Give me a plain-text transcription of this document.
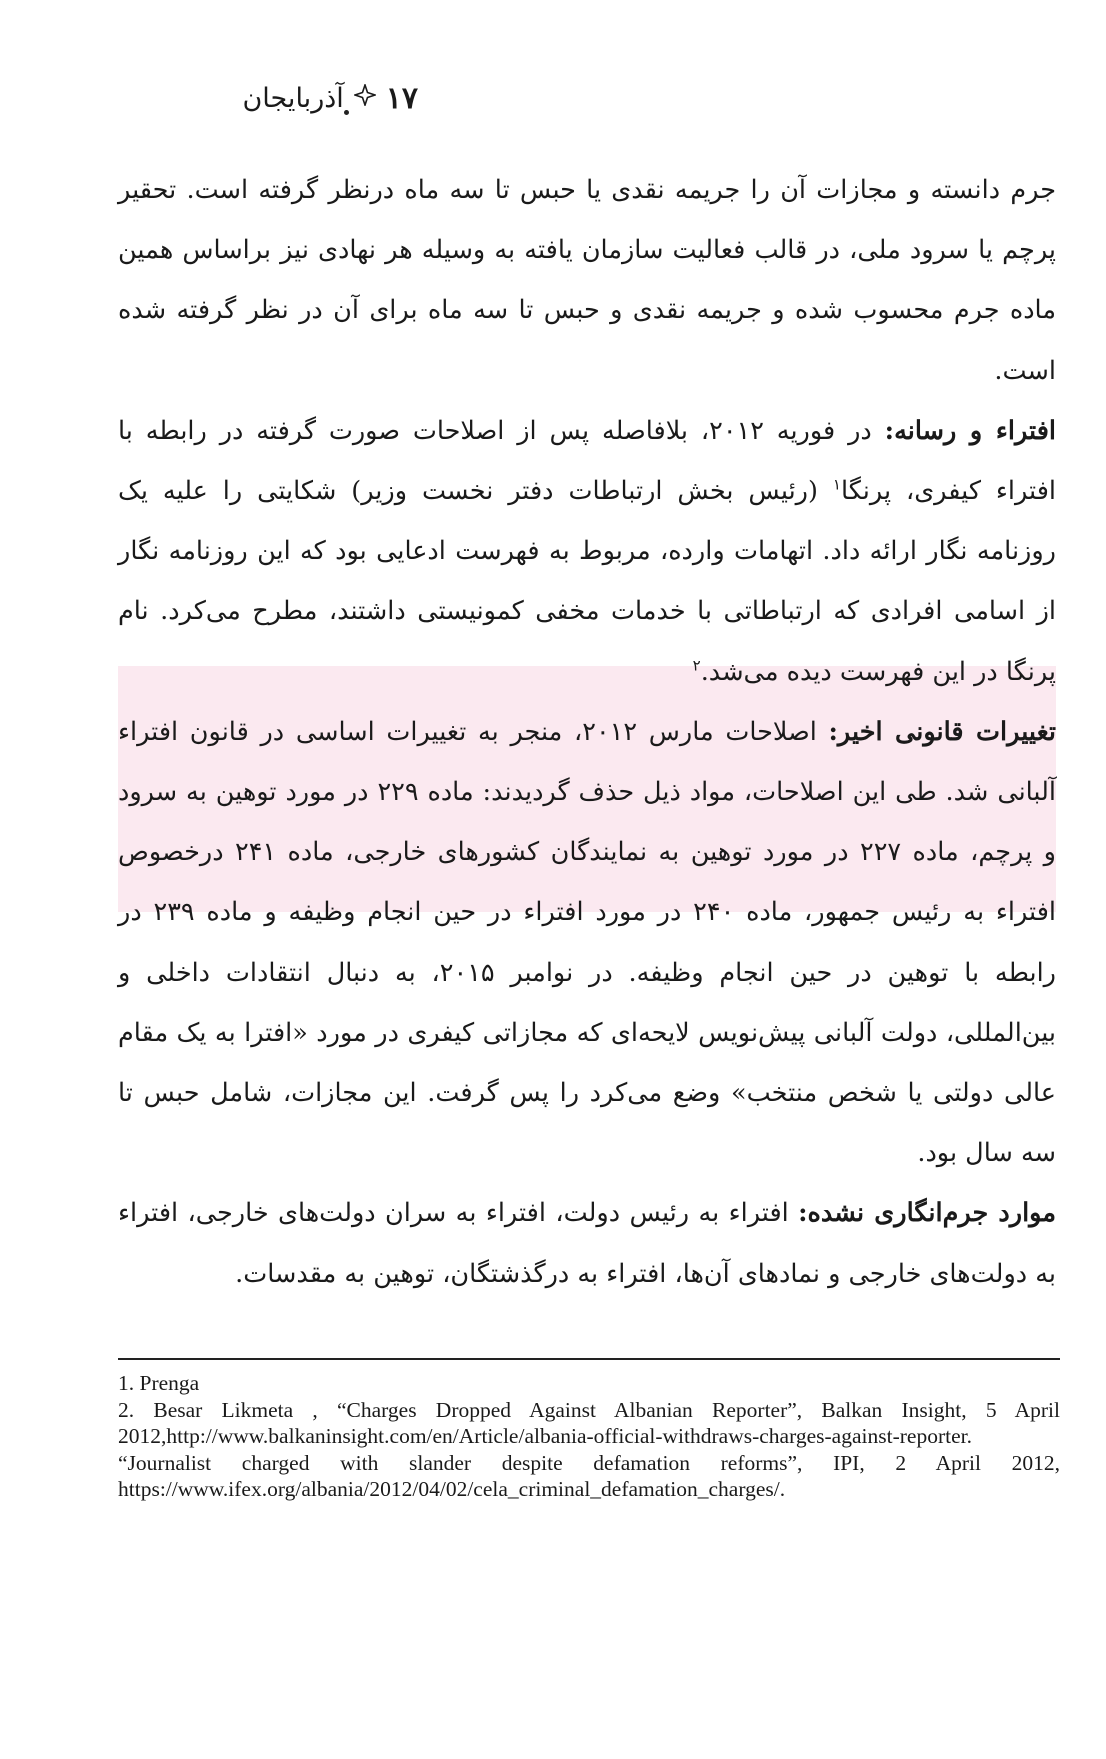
۱۷
آذربایجان

جرم دانسته و مجازات آن را جریمه نقدی یا حبس تا سه ماه درنظر گرفته است. تحقیر پرچم یا سرود ملی، در قالب فعالیت سازمان یافته به وسیله هر نهادی نیز براساس همین ماده جرم محسوب شده و جریمه نقدی و حبس تا سه ماه برای آن در نظر گرفته شده است.

افتراء و رسانه: در فوریه ۲۰۱۲، بلافاصله پس از اصلاحات صورت گرفته در رابطه با افتراء کیفری، پرنگا$^۱$ (رئیس بخش ارتباطات دفتر نخست وزیر) شکایتی را علیه یک روزنامه نگار ارائه داد. اتهامات وارده، مربوط به فهرست ادعایی بود که این روزنامه نگار از اسامی افرادی که ارتباطاتی با خدمات مخفی کمونیستی داشتند، مطرح می‌کرد. نام پرنگا در این فهرست دیده می‌شد.$^۲$

تغییرات قانونی اخیر: اصلاحات مارس ۲۰۱۲، منجر به تغییرات اساسی در قانون افتراء آلبانی شد. طی این اصلاحات، مواد ذیل حذف گردیدند: ماده ۲۲۹ در مورد توهین به سرود و پرچم، ماده ۲۲۷ در مورد توهین به نمایندگان کشورهای خارجی، ماده ۲۴۱ درخصوص افتراء به رئیس جمهور، ماده ۲۴۰ در مورد افتراء در حین انجام وظیفه و ماده ۲۳۹ در رابطه با توهین در حین انجام وظیفه. در نوامبر ۲۰۱۵، به دنبال انتقادات داخلی و بین‌المللی، دولت آلبانی پیش‌نویس لایحه‌ای که مجازاتی کیفری در مورد «افترا به یک مقام عالی دولتی یا شخص منتخب» وضع می‌کرد را پس گرفت. این مجازات، شامل حبس تا سه سال بود.

موارد جرم‌انگاری نشده: افتراء به رئیس دولت، افتراء به سران دولت‌های خارجی، افتراء به دولت‌های خارجی و نمادهای آن‌ها، افتراء به درگذشتگان، توهین به مقدسات.

1. Prenga

2. Besar Likmeta , “Charges Dropped Against Albanian Reporter”, Balkan Insight, 5 April 2012,http://www.balkaninsight.com/en/Article/albania-official-withdraws-charges-against-reporter. “Journalist charged with slander despite defamation reforms”, IPI, 2 April 2012, https://www.ifex.org/albania/2012/04/02/cela_criminal_defamation_charges/.
